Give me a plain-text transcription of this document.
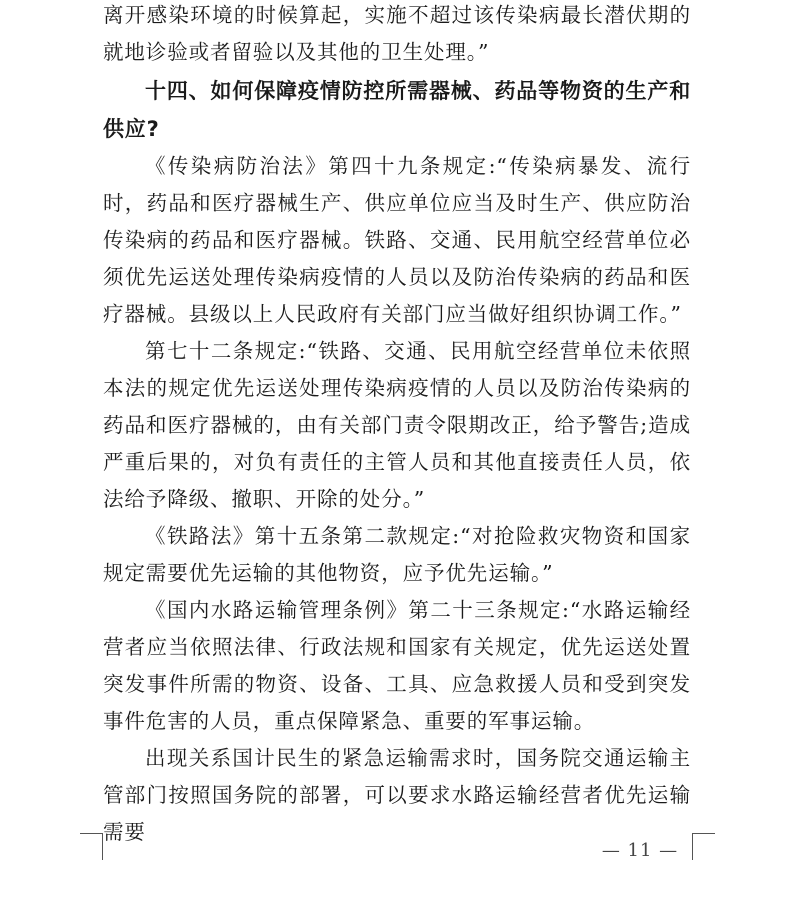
离开感染环境的时候算起，实施不超过该传染病最长潜伏期的就地诊验或者留验以及其他的卫生处理。”

十四、如何保障疫情防控所需器械、药品等物资的生产和供应?

《传染病防治法》第四十九条规定:“传染病暴发、流行时，药品和医疗器械生产、供应单位应当及时生产、供应防治传染病的药品和医疗器械。铁路、交通、民用航空经营单位必须优先运送处理传染病疫情的人员以及防治传染病的药品和医疗器械。县级以上人民政府有关部门应当做好组织协调工作。”

第七十二条规定:“铁路、交通、民用航空经营单位未依照本法的规定优先运送处理传染病疫情的人员以及防治传染病的药品和医疗器械的，由有关部门责令限期改正，给予警告;造成严重后果的，对负有责任的主管人员和其他直接责任人员，依法给予降级、撤职、开除的处分。”

《铁路法》第十五条第二款规定:“对抢险救灾物资和国家规定需要优先运输的其他物资，应予优先运输。”

《国内水路运输管理条例》第二十三条规定:“水路运输经营者应当依照法律、行政法规和国家有关规定，优先运送处置突发事件所需的物资、设备、工具、应急救援人员和受到突发事件危害的人员，重点保障紧急、重要的军事运输。

出现关系国计民生的紧急运输需求时，国务院交通运输主管部门按照国务院的部署，可以要求水路运输经营者优先运输需要

— 11 —
